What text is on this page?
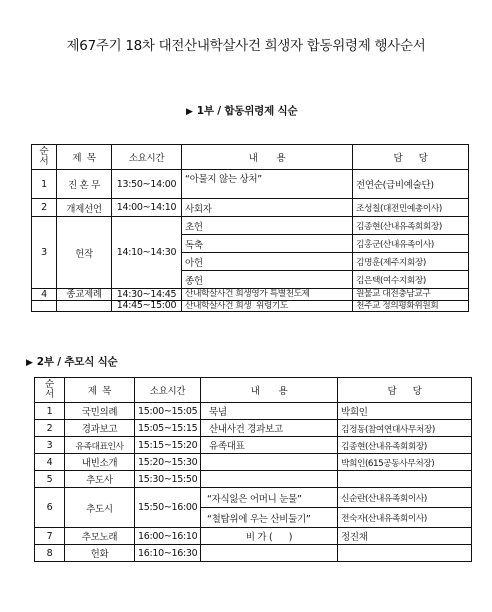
제67주기 18차 대전산내학살사건 희생자 합동위령제 행사순서
▶ 1부 / 합동위령제 식순
순
서	제  목	소요시간	내       용	담      당
1	진 혼 무	13:50~14:00	“아물지 않는 상처”	전연순(급비예술단)
2	개제선언	14:00~14:10	사회자	조성칠(대전민예총이사)
3	헌작	14:10~14:30	초헌	김종현(산내유족회회장)
			독축	김홍군(산내유족이사)
			아헌	김명훈(제주지회장)
			종헌	김은택(여수지회장)
4	종교제례	14:30~14:45	산내학살사건 희생영가 특별천도제	원불교 대전충남교구
		14:45~15:00	산내학살사건 희생  위령기도	천주교 정의평화위원회
▶ 2부 / 추모식 식순
순
서	제  목	소요시간	내       용	담      당
1	국민의례	15:00~15:05	묵념	박희인
2	경과보고	15:05~15:15	산내사건 경과보고	김정동(참여연대사무처장)
3	유족대표인사	15:15~15:20	유족대표	김종현(산내유족회회장)
4	내빈소개	15:20~15:30		박희인(615공동사무처장)
5	추도사	15:30~15:50		
6	추도시	15:50~16:00	“자식잃은 어머니 눈물”	신순란(산내유족회이사)
			“철탑위에 우는 산비둘기”	전숙자(산내유족회이사)
7	추모노래	16:00~16:10	비 가 (      )	정진채
8	헌화	16:10~16:30		
